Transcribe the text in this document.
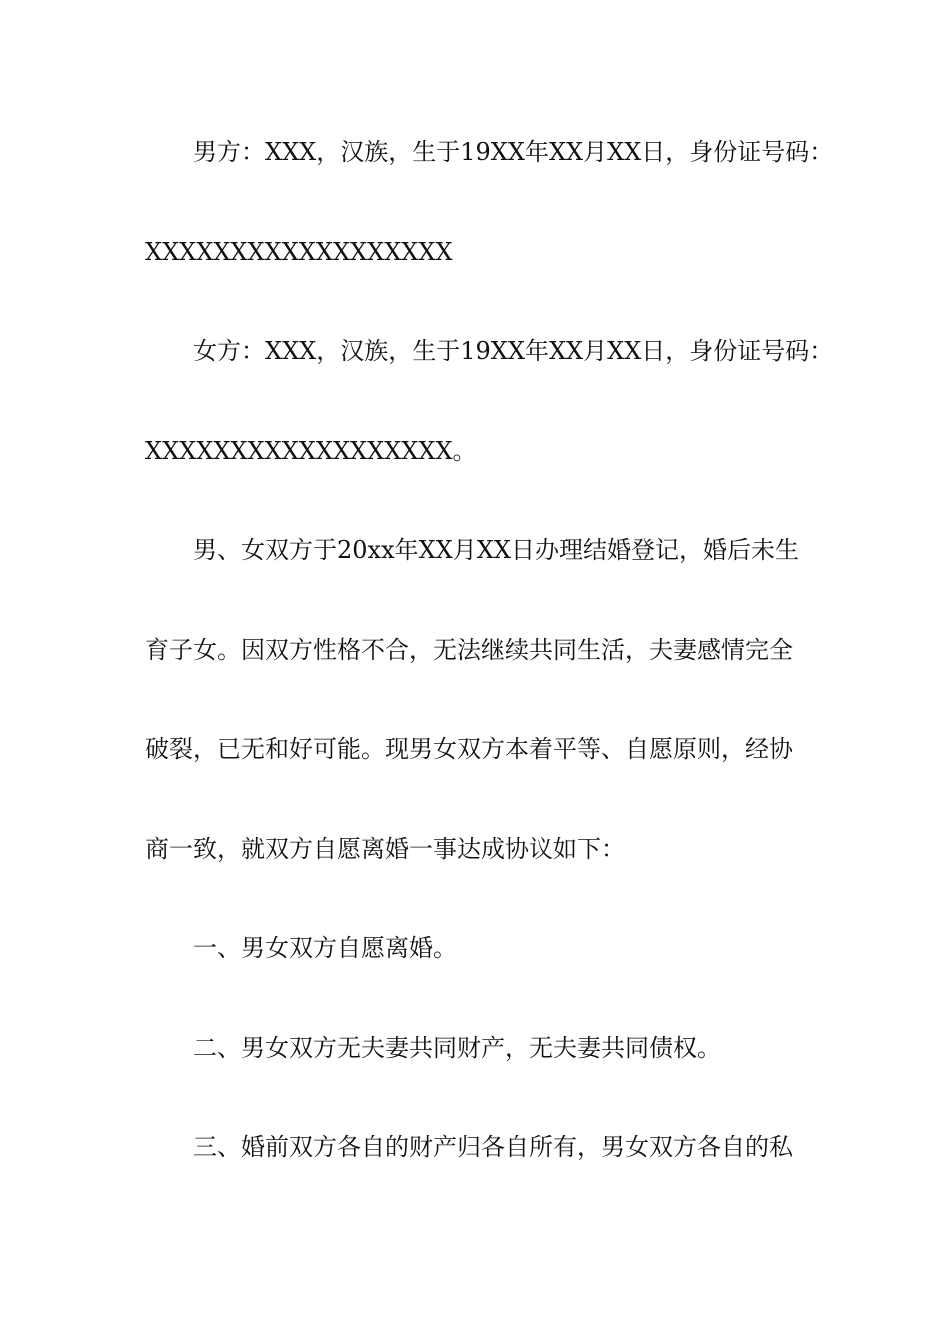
男方：XXX，汉族，生于19XX年XX月XX日，身份证号码：

XXXXXXXXXXXXXXXXXX

女方：XXX，汉族，生于19XX年XX月XX日，身份证号码：

XXXXXXXXXXXXXXXXXX。

男、女双方于20xx年XX月XX日办理结婚登记，婚后未生

育子女。因双方性格不合，无法继续共同生活，夫妻感情完全

破裂，已无和好可能。现男女双方本着平等、自愿原则，经协

商一致，就双方自愿离婚一事达成协议如下：

一、男女双方自愿离婚。

二、男女双方无夫妻共同财产，无夫妻共同债权。

三、婚前双方各自的财产归各自所有，男女双方各自的私
